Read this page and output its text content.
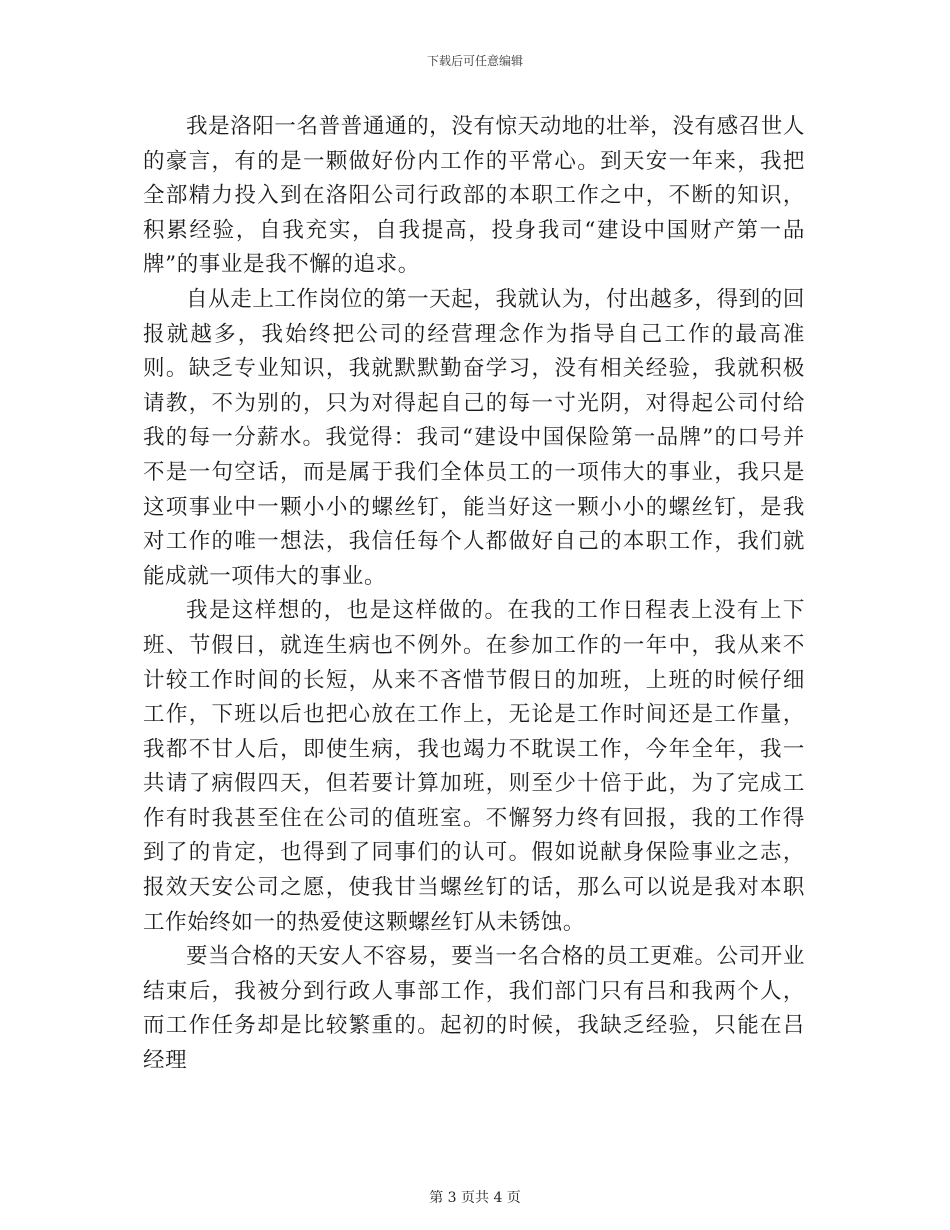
下载后可任意编辑

我是洛阳一名普普通通的，没有惊天动地的壮举，没有感召世人的豪言，有的是一颗做好份内工作的平常心。到天安一年来，我把全部精力投入到在洛阳公司行政部的本职工作之中，不断的知识，积累经验，自我充实，自我提高，投身我司“建设中国财产第一品牌”的事业是我不懈的追求。

自从走上工作岗位的第一天起，我就认为，付出越多，得到的回报就越多，我始终把公司的经营理念作为指导自己工作的最高准则。缺乏专业知识，我就默默勤奋学习，没有相关经验，我就积极请教，不为别的，只为对得起自己的每一寸光阴，对得起公司付给我的每一分薪水。我觉得：我司“建设中国保险第一品牌”的口号并不是一句空话，而是属于我们全体员工的一项伟大的事业，我只是这项事业中一颗小小的螺丝钉，能当好这一颗小小的螺丝钉，是我对工作的唯一想法，我信任每个人都做好自己的本职工作，我们就能成就一项伟大的事业。

我是这样想的，也是这样做的。在我的工作日程表上没有上下班、节假日，就连生病也不例外。在参加工作的一年中，我从来不计较工作时间的长短，从来不吝惜节假日的加班，上班的时候仔细工作，下班以后也把心放在工作上，无论是工作时间还是工作量，我都不甘人后，即使生病，我也竭力不耽误工作，今年全年，我一共请了病假四天，但若要计算加班，则至少十倍于此，为了完成工作有时我甚至住在公司的值班室。不懈努力终有回报，我的工作得到了的肯定，也得到了同事们的认可。假如说献身保险事业之志，报效天安公司之愿，使我甘当螺丝钉的话，那么可以说是我对本职工作始终如一的热爱使这颗螺丝钉从未锈蚀。

要当合格的天安人不容易，要当一名合格的员工更难。公司开业结束后，我被分到行政人事部工作，我们部门只有吕和我两个人，而工作任务却是比较繁重的。起初的时候，我缺乏经验，只能在吕经理

第 3 页共 4 页
